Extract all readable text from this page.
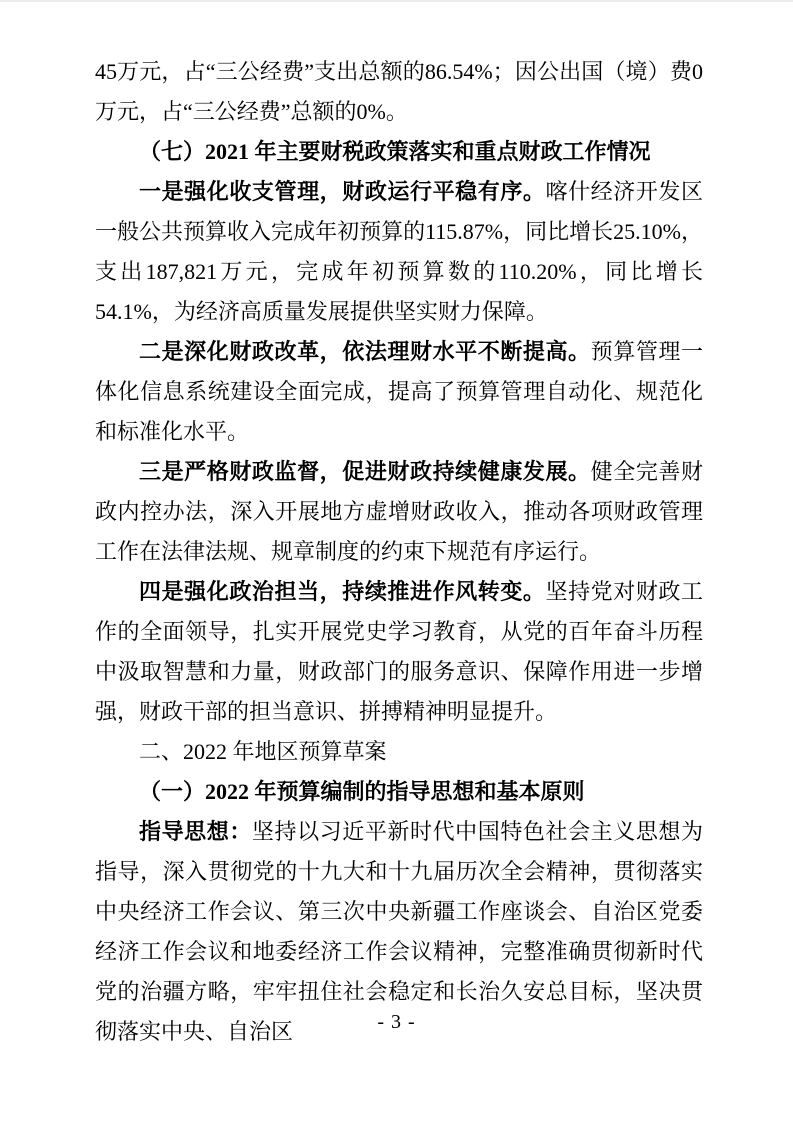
45万元，占“三公经费”支出总额的86.54%；因公出国（境）费0万元，占“三公经费”总额的0%。

（七）2021 年主要财税政策落实和重点财政工作情况

一是强化收支管理，财政运行平稳有序。喀什经济开发区一般公共预算收入完成年初预算的115.87%，同比增长25.10%，支出187,821万元，完成年初预算数的110.20%，同比增长54.1%，为经济高质量发展提供坚实财力保障。

二是深化财政改革，依法理财水平不断提高。预算管理一体化信息系统建设全面完成，提高了预算管理自动化、规范化和标准化水平。

三是严格财政监督，促进财政持续健康发展。健全完善财政内控办法，深入开展地方虚增财政收入，推动各项财政管理工作在法律法规、规章制度的约束下规范有序运行。

四是强化政治担当，持续推进作风转变。坚持党对财政工作的全面领导，扎实开展党史学习教育，从党的百年奋斗历程中汲取智慧和力量，财政部门的服务意识、保障作用进一步增强，财政干部的担当意识、拼搏精神明显提升。

二、2022 年地区预算草案

（一）2022 年预算编制的指导思想和基本原则

指导思想：坚持以习近平新时代中国特色社会主义思想为指导，深入贯彻党的十九大和十九届历次全会精神，贯彻落实中央经济工作会议、第三次中央新疆工作座谈会、自治区党委经济工作会议和地委经济工作会议精神，完整准确贯彻新时代党的治疆方略，牢牢扭住社会稳定和长治久安总目标，坚决贯彻落实中央、自治区	- 3 -
